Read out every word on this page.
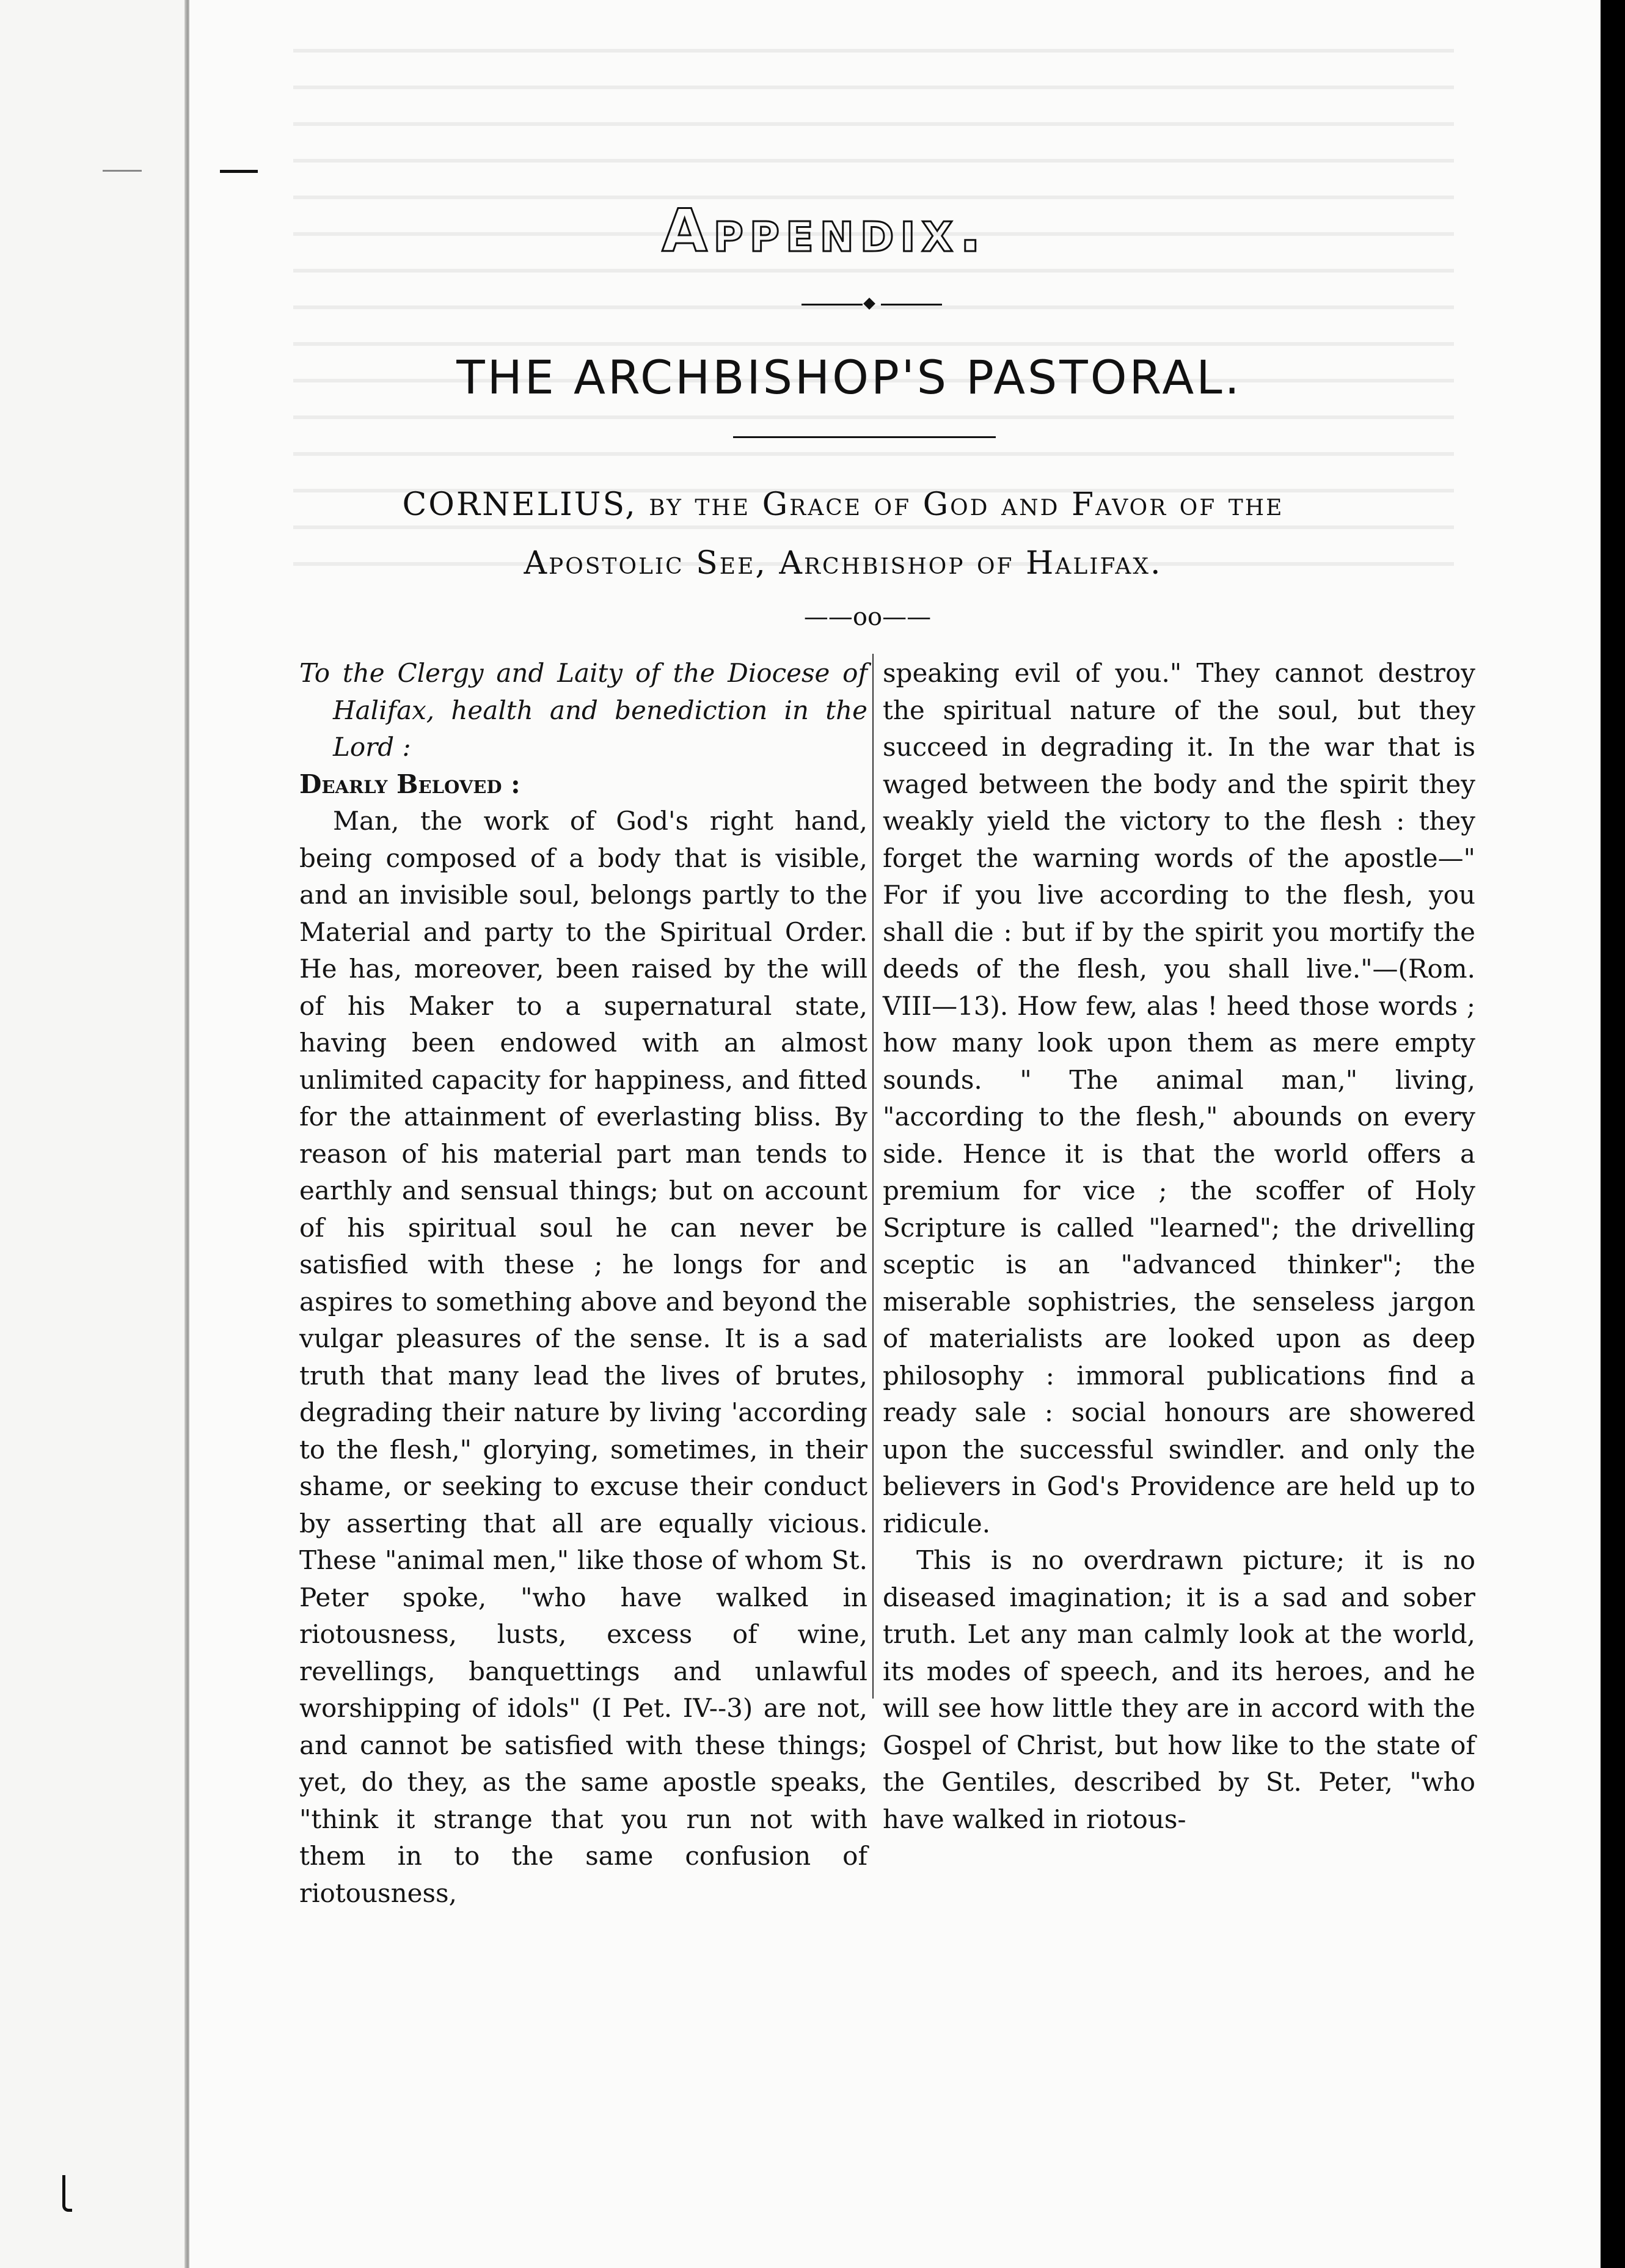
Appendix.
THE ARCHBISHOP'S PASTORAL.
CORNELIUS, by the Grace of God and Favor of the
Apostolic See, Archbishop of Halifax.
——oo——

To the Clergy and Laity of the Diocese of Halifax, health and benediction in the Lord :

Dearly Beloved :

Man, the work of God's right hand, being composed of a body that is visible, and an invisible soul, belongs partly to the Material and party to the Spiritual Order. He has, moreover, been raised by the will of his Maker to a supernatural state, having been endowed with an almost unlimited capacity for happiness, and fitted for the attainment of everlasting bliss. By reason of his material part man tends to earthly and sensual things; but on account of his spiritual soul he can never be satisfied with these ; he longs for and aspires to something above and beyond the vulgar pleasures of the sense. It is a sad truth that many lead the lives of brutes, degrading their nature by living 'according to the flesh," glorying, sometimes, in their shame, or seeking to excuse their conduct by asserting that all are equally vicious. These "animal men," like those of whom St. Peter spoke, "who have walked in riotousness, lusts, excess of wine, revellings, banquettings and unlawful worshipping of idols" (I Pet. IV--3) are not, and cannot be satisfied with these things; yet, do they, as the same apostle speaks, "think it strange that you run not with them in to the same confusion of riotousness,

speaking evil of you." They cannot destroy the spiritual nature of the soul, but they succeed in degrading it. In the war that is waged between the body and the spirit they weakly yield the victory to the flesh : they forget the warning words of the apostle—" For if you live according to the flesh, you shall die : but if by the spirit you mortify the deeds of the flesh, you shall live."—(Rom. VIII—13). How few, alas ! heed those words ; how many look upon them as mere empty sounds. " The animal man," living, "according to the flesh," abounds on every side. Hence it is that the world offers a premium for vice ; the scoffer of Holy Scripture is called "learned"; the drivelling sceptic is an "advanced thinker"; the miserable sophistries, the senseless jargon of materialists are looked upon as deep philosophy : immoral publications find a ready sale : social honours are showered upon the successful swindler. and only the believers in God's Providence are held up to ridicule.

This is no overdrawn picture; it is no diseased imagination; it is a sad and sober truth. Let any man calmly look at the world, its modes of speech, and its heroes, and he will see how little they are in accord with the Gospel of Christ, but how like to the state of the Gentiles, described by St. Peter, "who have walked in riotous-
